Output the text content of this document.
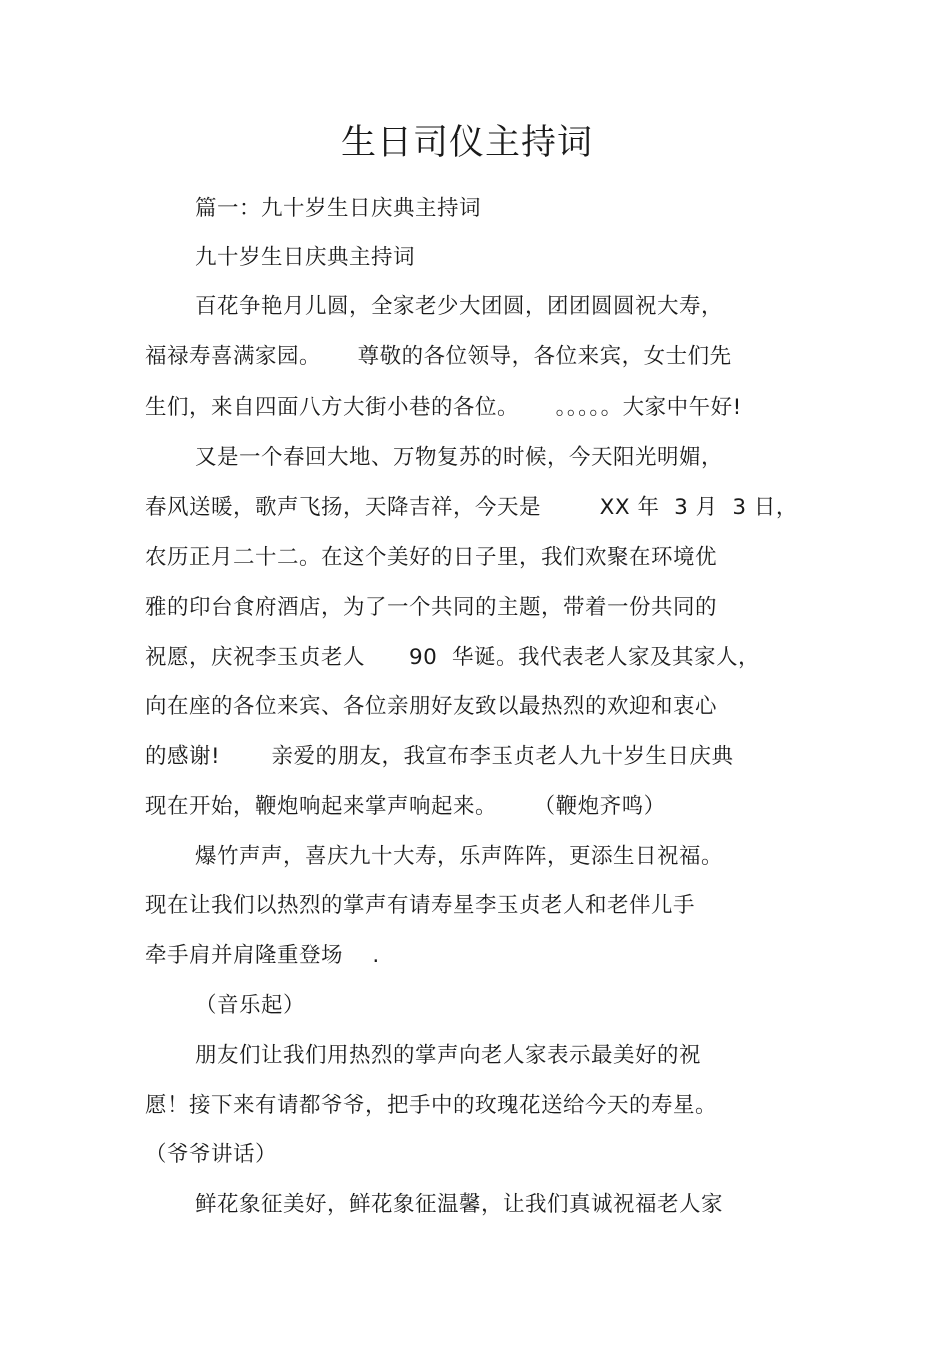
生日司仪主持词
篇一：九十岁生日庆典主持词
九十岁生日庆典主持词
百花争艳月儿圆，全家老少大团圆，团团圆圆祝大寿，
福禄寿喜满家园。     尊敬的各位领导，各位来宾，女士们先
生们，来自四面八方大街小巷的各位。     。。。。。大家中午好!
又是一个春回大地、万物复苏的时候，今天阳光明媚，
春风送暖，歌声飞扬，天降吉祥，今天是        XX 年  3 月  3 日，
农历正月二十二。在这个美好的日子里，我们欢聚在环境优
雅的印台食府酒店，为了一个共同的主题，带着一份共同的
祝愿，庆祝李玉贞老人      90  华诞。我代表老人家及其家人，
向在座的各位来宾、各位亲朋好友致以最热烈的欢迎和衷心
的感谢!       亲爱的朋友，我宣布李玉贞老人九十岁生日庆典
现在开始，鞭炮响起来掌声响起来。     （鞭炮齐鸣）
爆竹声声，喜庆九十大寿，乐声阵阵，更添生日祝福。
现在让我们以热烈的掌声有请寿星李玉贞老人和老伴儿手
牵手肩并肩隆重登场    .
（音乐起）
朋友们让我们用热烈的掌声向老人家表示最美好的祝
愿！接下来有请都爷爷，把手中的玫瑰花送给今天的寿星。
（爷爷讲话）
鲜花象征美好，鲜花象征温馨，让我们真诚祝福老人家
